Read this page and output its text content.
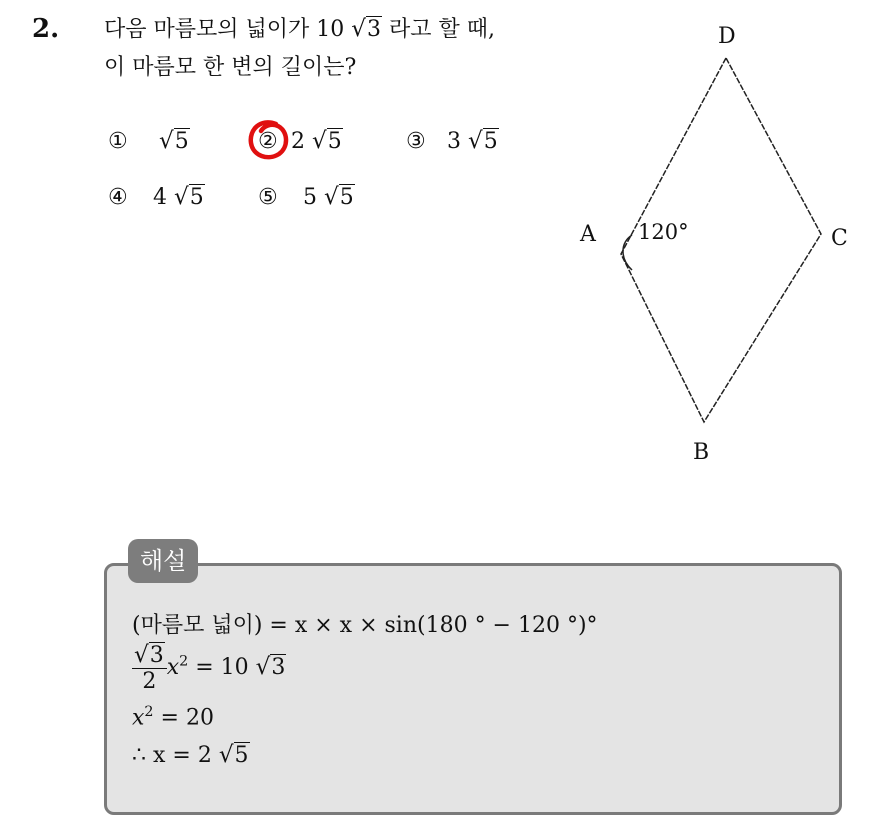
2. 다음 마름모의 넓이가 10 √3 라고 할 때,
이 마름모 한 변의 길이는?
① √5	② 2 √5	③ 3 √5
④ 4 √5 ⑤ 5 √5
D
A	C
B
120°
해설
(마름모 넓이) = x × x × sin(180 ° − 120 °)°
$\frac{√3}{2} x^2 = 10$ √3
$x^2 = 20$
∴ x = 2 √5
